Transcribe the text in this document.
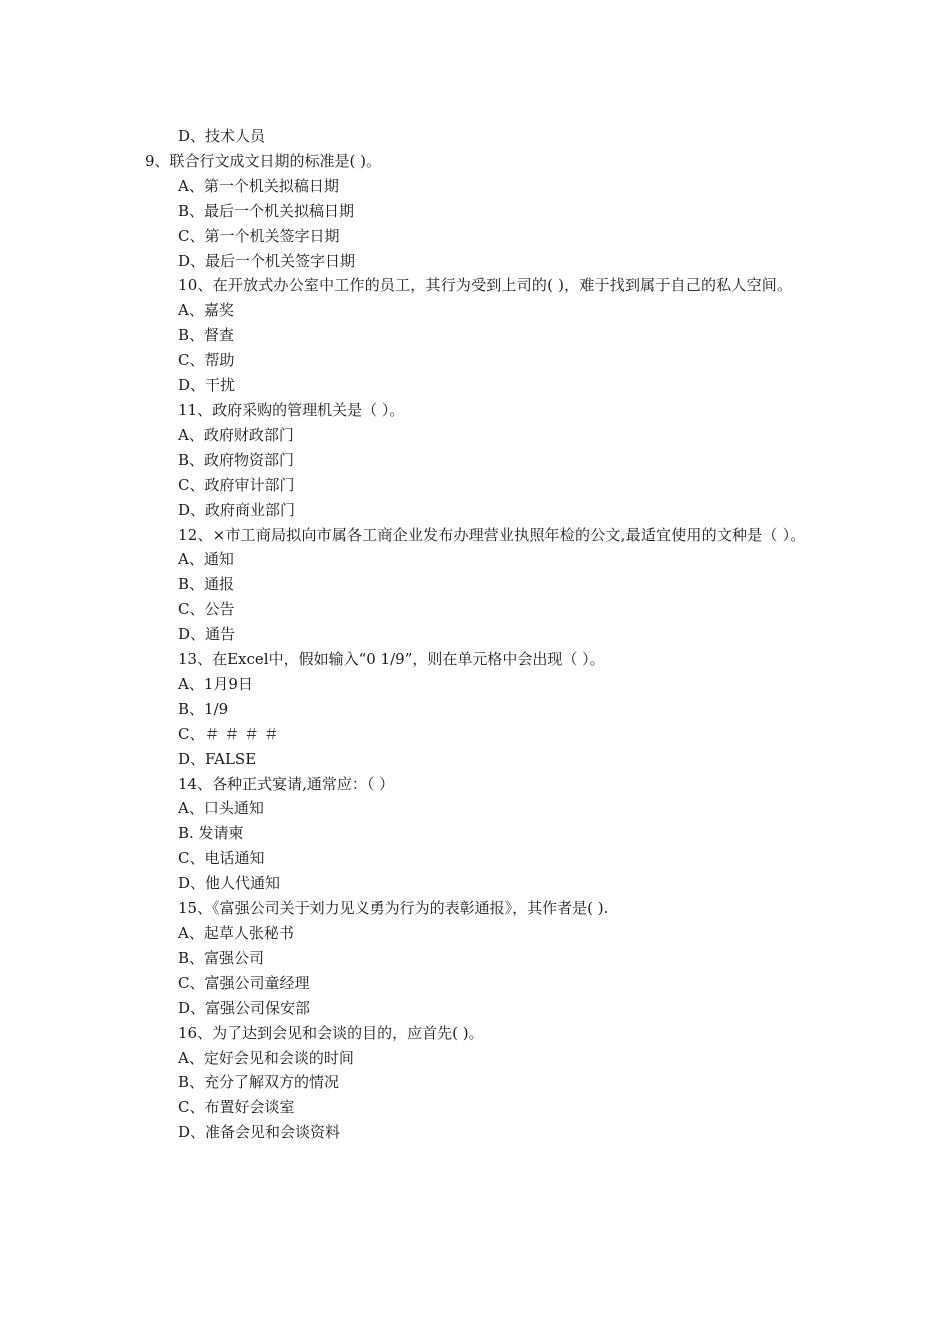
D、技术人员
9、联合行文成文日期的标准是( )。
A、第一个机关拟稿日期
B、最后一个机关拟稿日期
C、第一个机关签字日期
D、最后一个机关签字日期
10、在开放式办公室中工作的员工，其行为受到上司的( )，难于找到属于自己的私人空间。
A、嘉奖
B、督查
C、帮助
D、干扰
11、政府采购的管理机关是（ ）。
A、政府财政部门
B、政府物资部门
C、政府审计部门
D、政府商业部门
12、×市工商局拟向市属各工商企业发布办理营业执照年检的公文,最适宜使用的文种是（ ）。
A、通知
B、通报
C、公告
D、通告
13、在Excel中，假如输入“0 1/9”，则在单元格中会出现（ ）。
A、1月9日
B、1/9
C、＃ ＃ ＃ ＃
D、FALSE
14、各种正式宴请,通常应：（ ）
A、口头通知
B. 发请柬
C、电话通知
D、他人代通知
15、《富强公司关于刘力见义勇为行为的表彰通报》，其作者是( ).
A、起草人张秘书
B、富强公司
C、富强公司童经理
D、富强公司保安部
16、为了达到会见和会谈的目的，应首先( )。
A、定好会见和会谈的时间
B、充分了解双方的情况
C、布置好会谈室
D、准备会见和会谈资料
